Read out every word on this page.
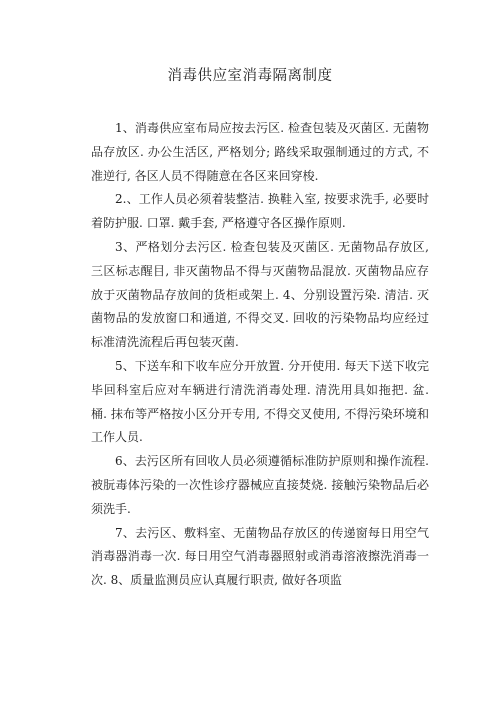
消毒供应室消毒隔离制度

1、消毒供应室布局应按去污区. 检查包装及灭菌区. 无菌物品存放区. 办公生活区, 严格划分; 路线采取强制通过的方式, 不准逆行, 各区人员不得随意在各区来回穿梭.

2.、工作人员必须着装整洁. 换鞋入室, 按要求洗手, 必要时着防护服. 口罩. 戴手套, 严格遵守各区操作原则.

3、严格划分去污区. 检查包装及灭菌区. 无菌物品存放区, 三区标志醒目, 非灭菌物品不得与灭菌物品混放. 灭菌物品应存放于灭菌物品存放间的货柜或架上. 4、分别设置污染. 清洁. 灭菌物品的发放窗口和通道, 不得交叉. 回收的污染物品均应经过标准清洗流程后再包装灭菌.

5、下送车和下收车应分开放置. 分开使用. 每天下送下收完毕回科室后应对车辆进行清洗消毒处理. 清洗用具如拖把. 盆. 桶. 抹布等严格按小区分开专用, 不得交叉使用, 不得污染环境和工作人员.

6、去污区所有回收人员必须遵循标准防护原则和操作流程. 被朊毒体污染的一次性诊疗器械应直接焚烧. 接触污染物品后必须洗手.

7、去污区、敷料室、无菌物品存放区的传递窗每日用空气消毒器消毒一次. 每日用空气消毒器照射或消毒溶液擦洗消毒一次. 8、质量监测员应认真履行职责, 做好各项监
